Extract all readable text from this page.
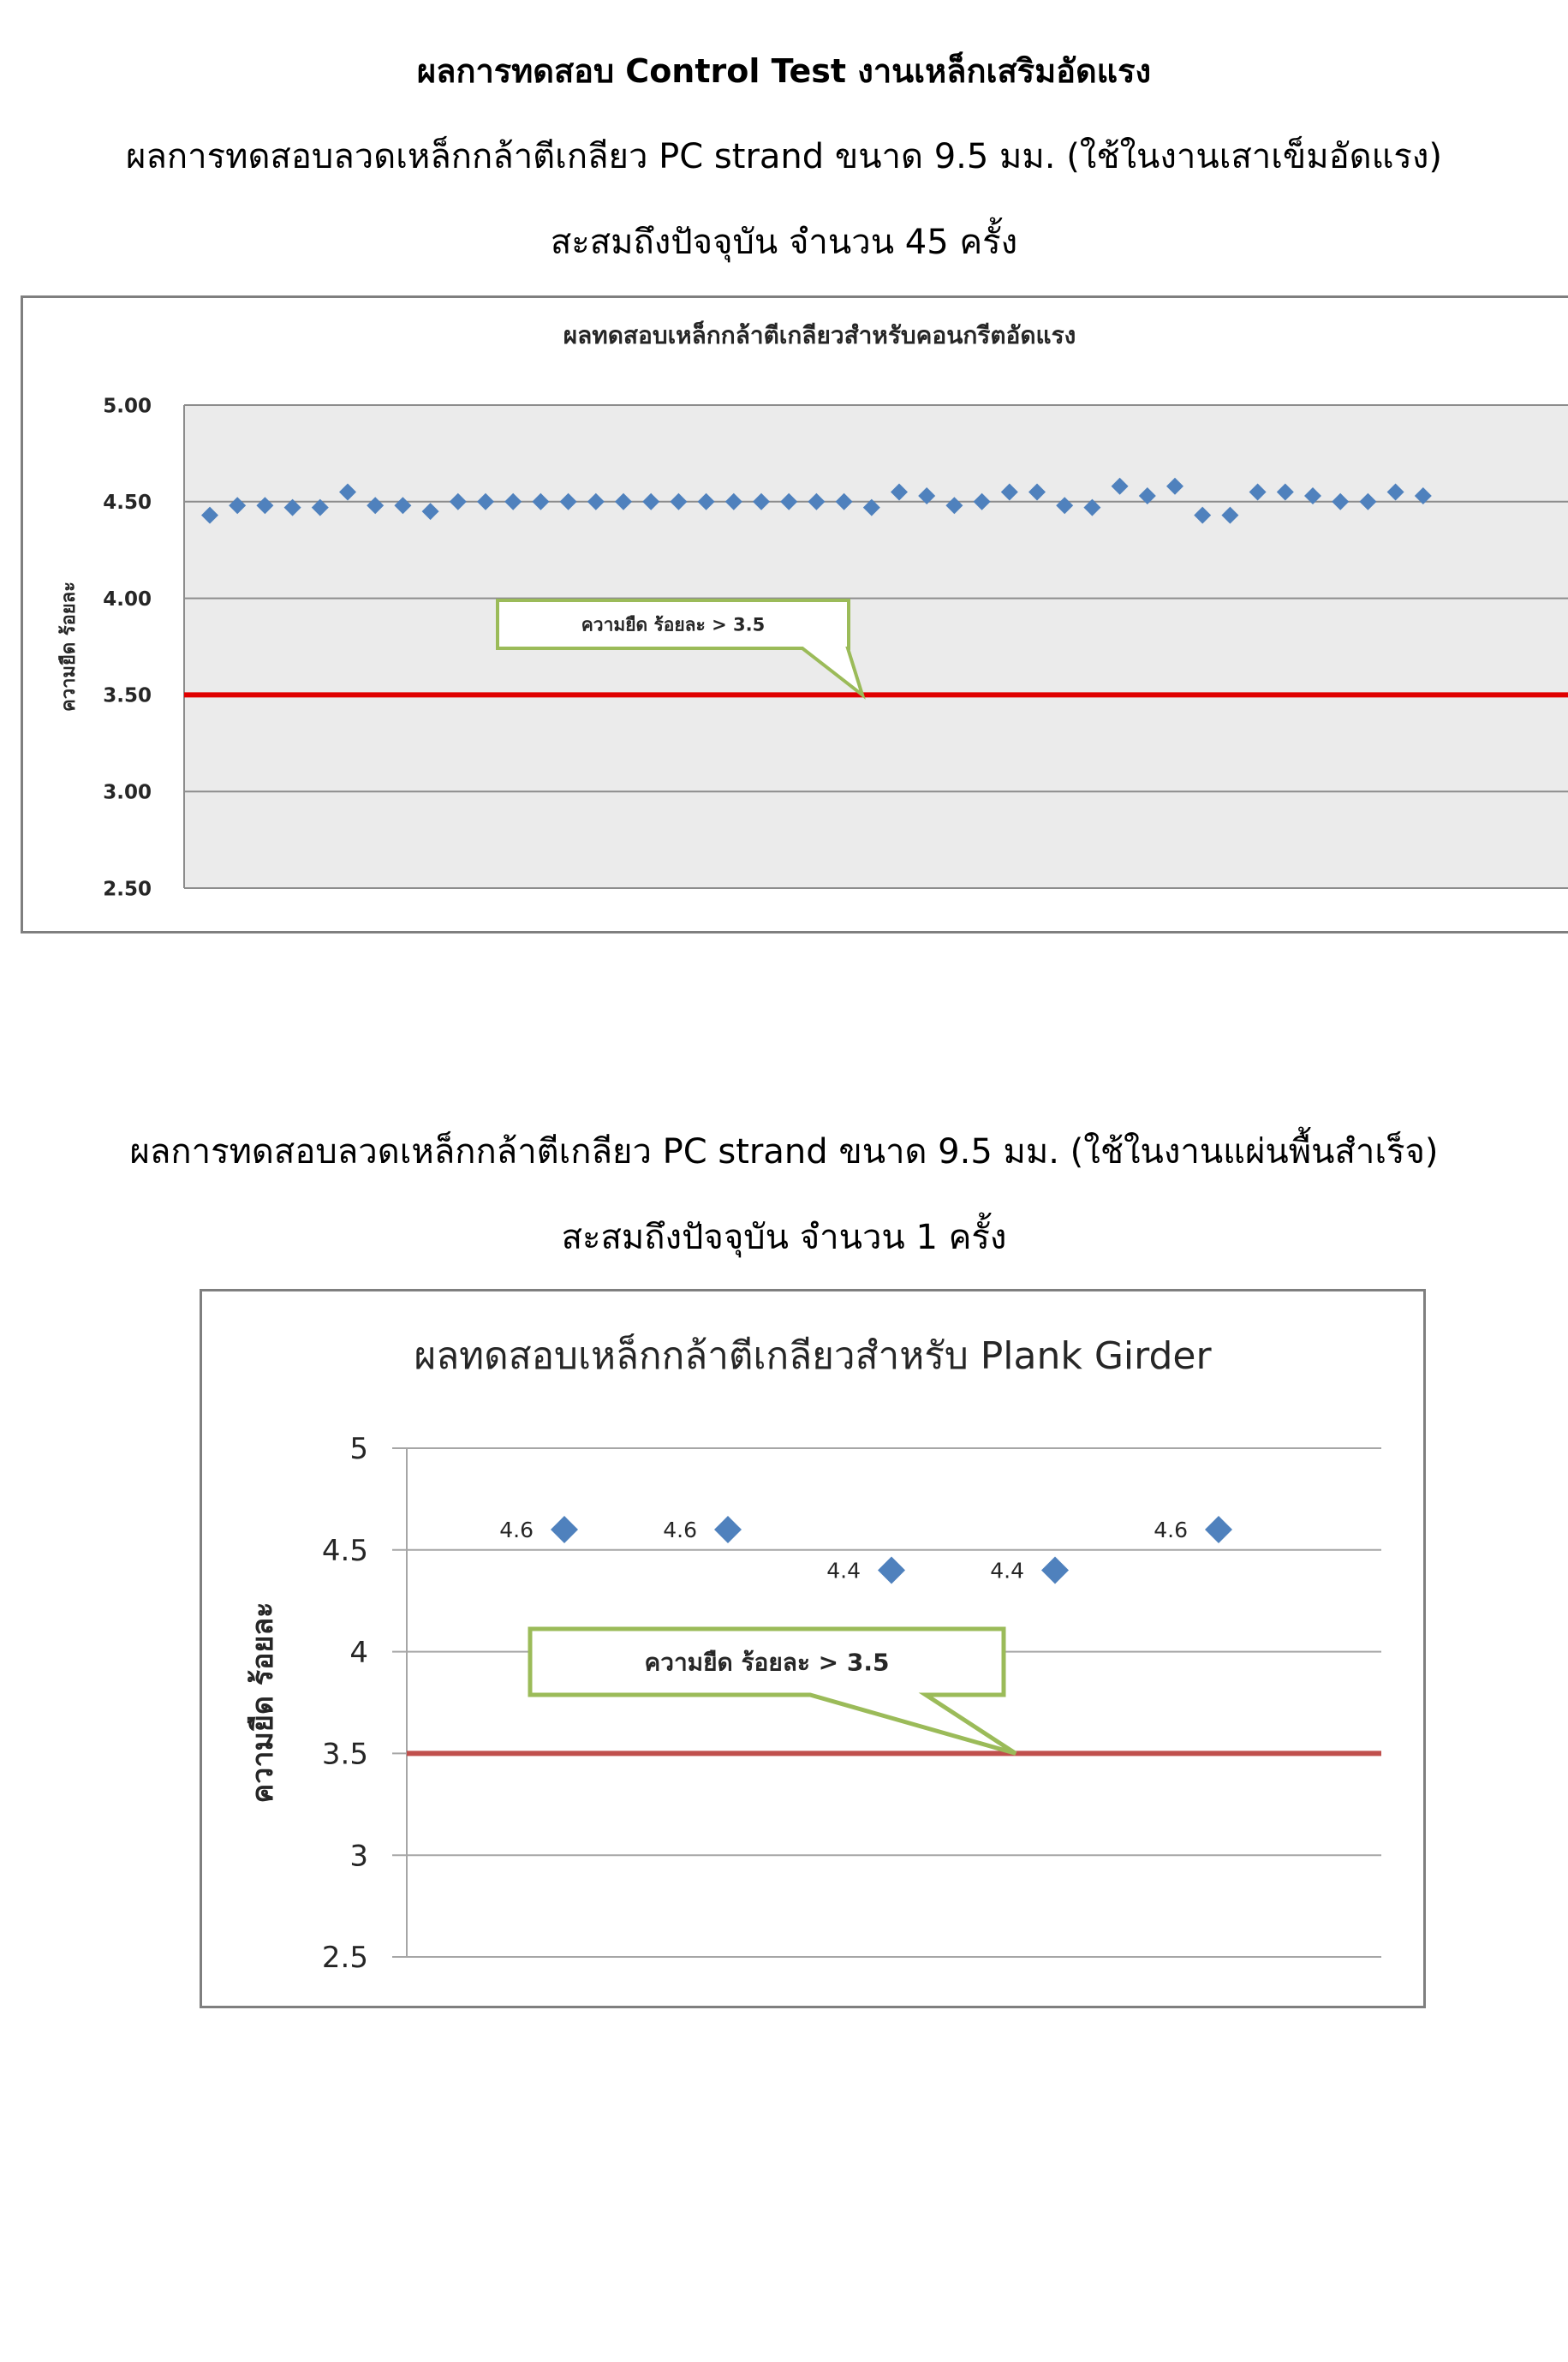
ผลการทดสอบ Control Test งานเหล็กเสริมอัดแรง

ผลการทดสอบลวดเหล็กกล้าตีเกลียว PC strand ขนาด 9.5 มม. (ใช้ในงานเสาเข็มอัดแรง)

สะสมถึงปัจจุบัน จำนวน 45 ครั้ง

ผลทดสอบเหล็กกล้าตีเกลียวสำหรับคอนกรีตอัดแรง
5.00
4.50
4.00
3.50
3.00
2.50
ความยืด ร้อยละ	ความยืด ร้อยละ > 3.5

ผลการทดสอบลวดเหล็กกล้าตีเกลียว PC strand ขนาด 9.5 มม. (ใช้ในงานแผ่นพื้นสำเร็จ)

สะสมถึงปัจจุบัน จำนวน 1 ครั้ง

ผลทดสอบเหล็กกล้าตีเกลียวสำหรับ Plank Girder
5
4.5
4
3.5
3
2.5
ความยืด ร้อยละ	ความยืด ร้อยละ > 3.5
4.6	4.6
4.4	4.4
4.6
